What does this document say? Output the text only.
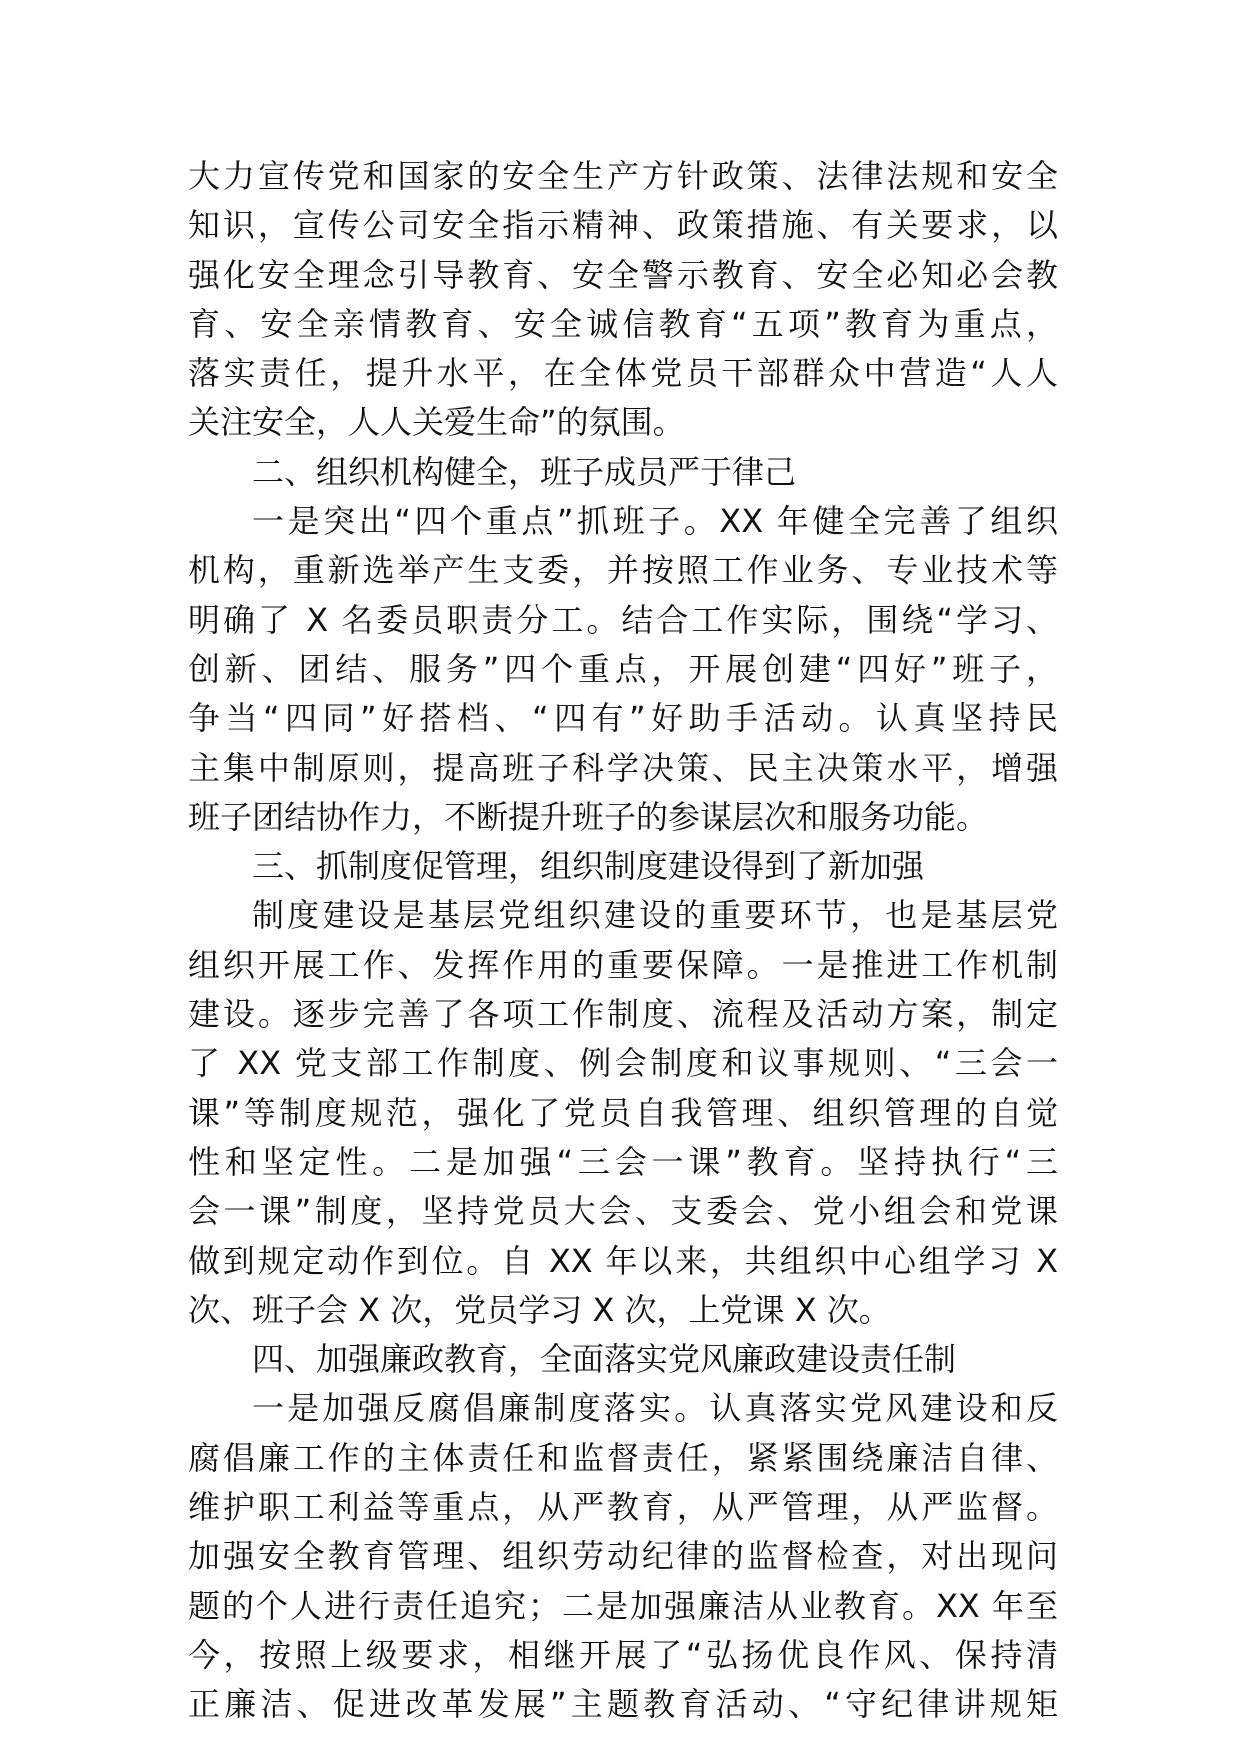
大力宣传党和国家的安全生产方针政策、法律法规和安全
知识，宣传公司安全指示精神、政策措施、有关要求，以
强化安全理念引导教育、安全警示教育、安全必知必会教
育、安全亲情教育、安全诚信教育“五项”教育为重点，
落实责任，提升水平，在全体党员干部群众中营造“人人
关注安全，人人关爱生命”的氛围。
二、组织机构健全，班子成员严于律己
一是突出“四个重点”抓班子。XX 年健全完善了组织
机构，重新选举产生支委，并按照工作业务、专业技术等
明确了 X 名委员职责分工。结合工作实际，围绕“学习、
创新、团结、服务”四个重点，开展创建“四好”班子，
争当“四同”好搭档、“四有”好助手活动。认真坚持民
主集中制原则，提高班子科学决策、民主决策水平，增强
班子团结协作力，不断提升班子的参谋层次和服务功能。
三、抓制度促管理，组织制度建设得到了新加强
制度建设是基层党组织建设的重要环节，也是基层党
组织开展工作、发挥作用的重要保障。一是推进工作机制
建设。逐步完善了各项工作制度、流程及活动方案，制定
了 XX 党支部工作制度、例会制度和议事规则、“三会一
课”等制度规范，强化了党员自我管理、组织管理的自觉
性和坚定性。二是加强“三会一课”教育。坚持执行“三
会一课”制度，坚持党员大会、支委会、党小组会和党课
做到规定动作到位。自 XX 年以来，共组织中心组学习 X
次、班子会 X 次，党员学习 X 次，上党课 X 次。
四、加强廉政教育，全面落实党风廉政建设责任制
一是加强反腐倡廉制度落实。认真落实党风建设和反
腐倡廉工作的主体责任和监督责任，紧紧围绕廉洁自律、
维护职工利益等重点，从严教育，从严管理，从严监督。
加强安全教育管理、组织劳动纪律的监督检查，对出现问
题的个人进行责任追究；二是加强廉洁从业教育。XX 年至
今，按照上级要求，相继开展了“弘扬优良作风、保持清
正廉洁、促进改革发展”主题教育活动、“守纪律讲规矩
